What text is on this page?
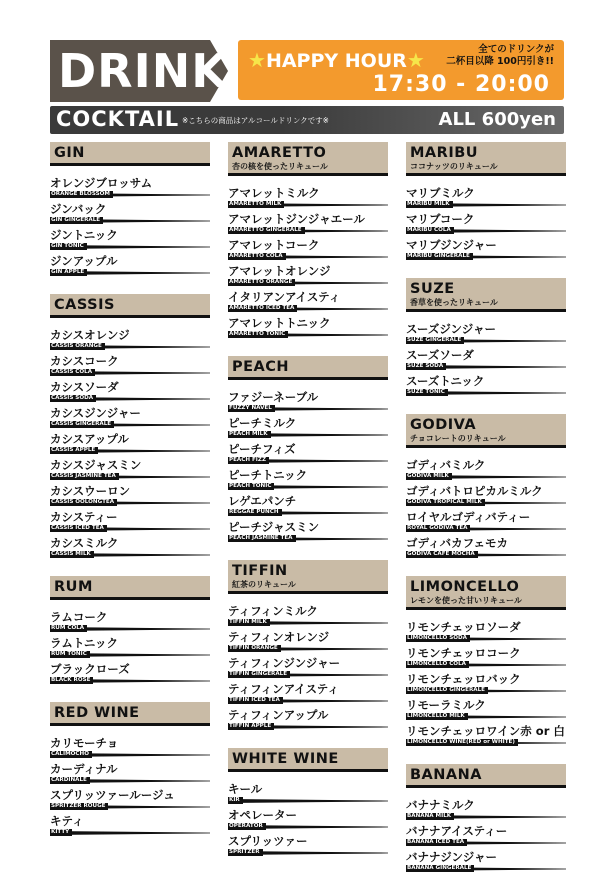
DRINK ★HAPPY HOUR★	全てのドリンクが
二杯目以降 100円引き!!
17:30 - 20:00
COCKTAIL ※こちらの商品はアルコールドリンクです※	ALL 600yen
GIN
オレンジブロッサム
ORANGE BLOSSOM
ジンバック
GIN GINGERALE
ジントニック
GIN TONIC
ジンアップル
GIN APPLE
CASSIS
カシスオレンジ
CASSIS ORANGE
カシスコーク
CASSIS COLA
カシスソーダ
CASSIS SODA
カシスジンジャー
CASSIS GINGERALE
カシスアップル
CASSIS APPLE
カシスジャスミン
CASSIS JASMINE TEA
カシスウーロン
CASSIS OOLONGTEA
カシスティー
CASSIS ICED TEA
カシスミルク
CASSIS MILK
RUM
ラムコーク
RUM COLA
ラムトニック
RUM TONIC
ブラックローズ
BLACK ROSE
RED WINE
カリモーチョ
CALIMOCHO
カーディナル
CARDINALE
スプリッツァールージュ
SPRITZER ROUGE
キティ
KITTY
AMARETTO
杏の核を使ったリキュール
アマレットミルク
AMARETTO MILK
アマレットジンジャエール
AMARETTO GINGERALE
アマレットコーク
AMARETTO COLA
アマレットオレンジ
AMARETTO ORANGE
イタリアンアイスティ
AMARETTO ICED TEA
アマレットトニック
AMARETTO TONIC
PEACH
ファジーネーブル
FUZZY NAVEL
ピーチミルク
PEACH MILK
ピーチフィズ
PEACH FIZZ
ピーチトニック
PEACH TONIC
レゲエパンチ
REGGAE PUNCH
ピーチジャスミン
PEACH JASMINE TEA
TIFFIN
紅茶のリキュール
ティフィンミルク
TIFFIN MILK
ティフィンオレンジ
TIFFIN ORANGE
ティフィンジンジャー
TIFFIN GINGERALE
ティフィンアイスティ
TIFFIN ICED TEA
ティフィンアップル
TIFFIN APPLE
WHITE WINE
キール
KIR
オペレーター
OPERATOR
スプリッツァー
SPRITZER
MARIBU
ココナッツのリキュール
マリブミルク
MARIBU MILK
マリブコーク
MARIBU COLA
マリブジンジャー
MARIBU GINGERALE
SUZE
香草を使ったリキュール
スーズジンジャー
SUZE GINGERALE
スーズソーダ
SUZE SODA
スーズトニック
SUZE TONIC
GODIVA
チョコレートのリキュール
ゴディバミルク
GODIVA MILK
ゴディバトロピカルミルク
GODIVA TROPICAL MILK
ロイヤルゴディバティー
ROYAL GODIVA TEA
ゴディバカフェモカ
GODIVA CAFE MOCHA
LIMONCELLO
レモンを使った甘いリキュール
リモンチェッロソーダ
LIMONCELLO SODA
リモンチェッロコーク
LIMONCELLO COLA
リモンチェッロバック
LIMONCELLO GINGERALE
リモーラミルク
LIMONCELLO MILK
リモンチェッロワイン赤 or 白
LIMONCELLO WINE(RED or WHITE)
BANANA
バナナミルク
BANANA MILK
バナナアイスティー
BANANA ICED TEA
バナナジンジャー
BANANA GINGERALE
